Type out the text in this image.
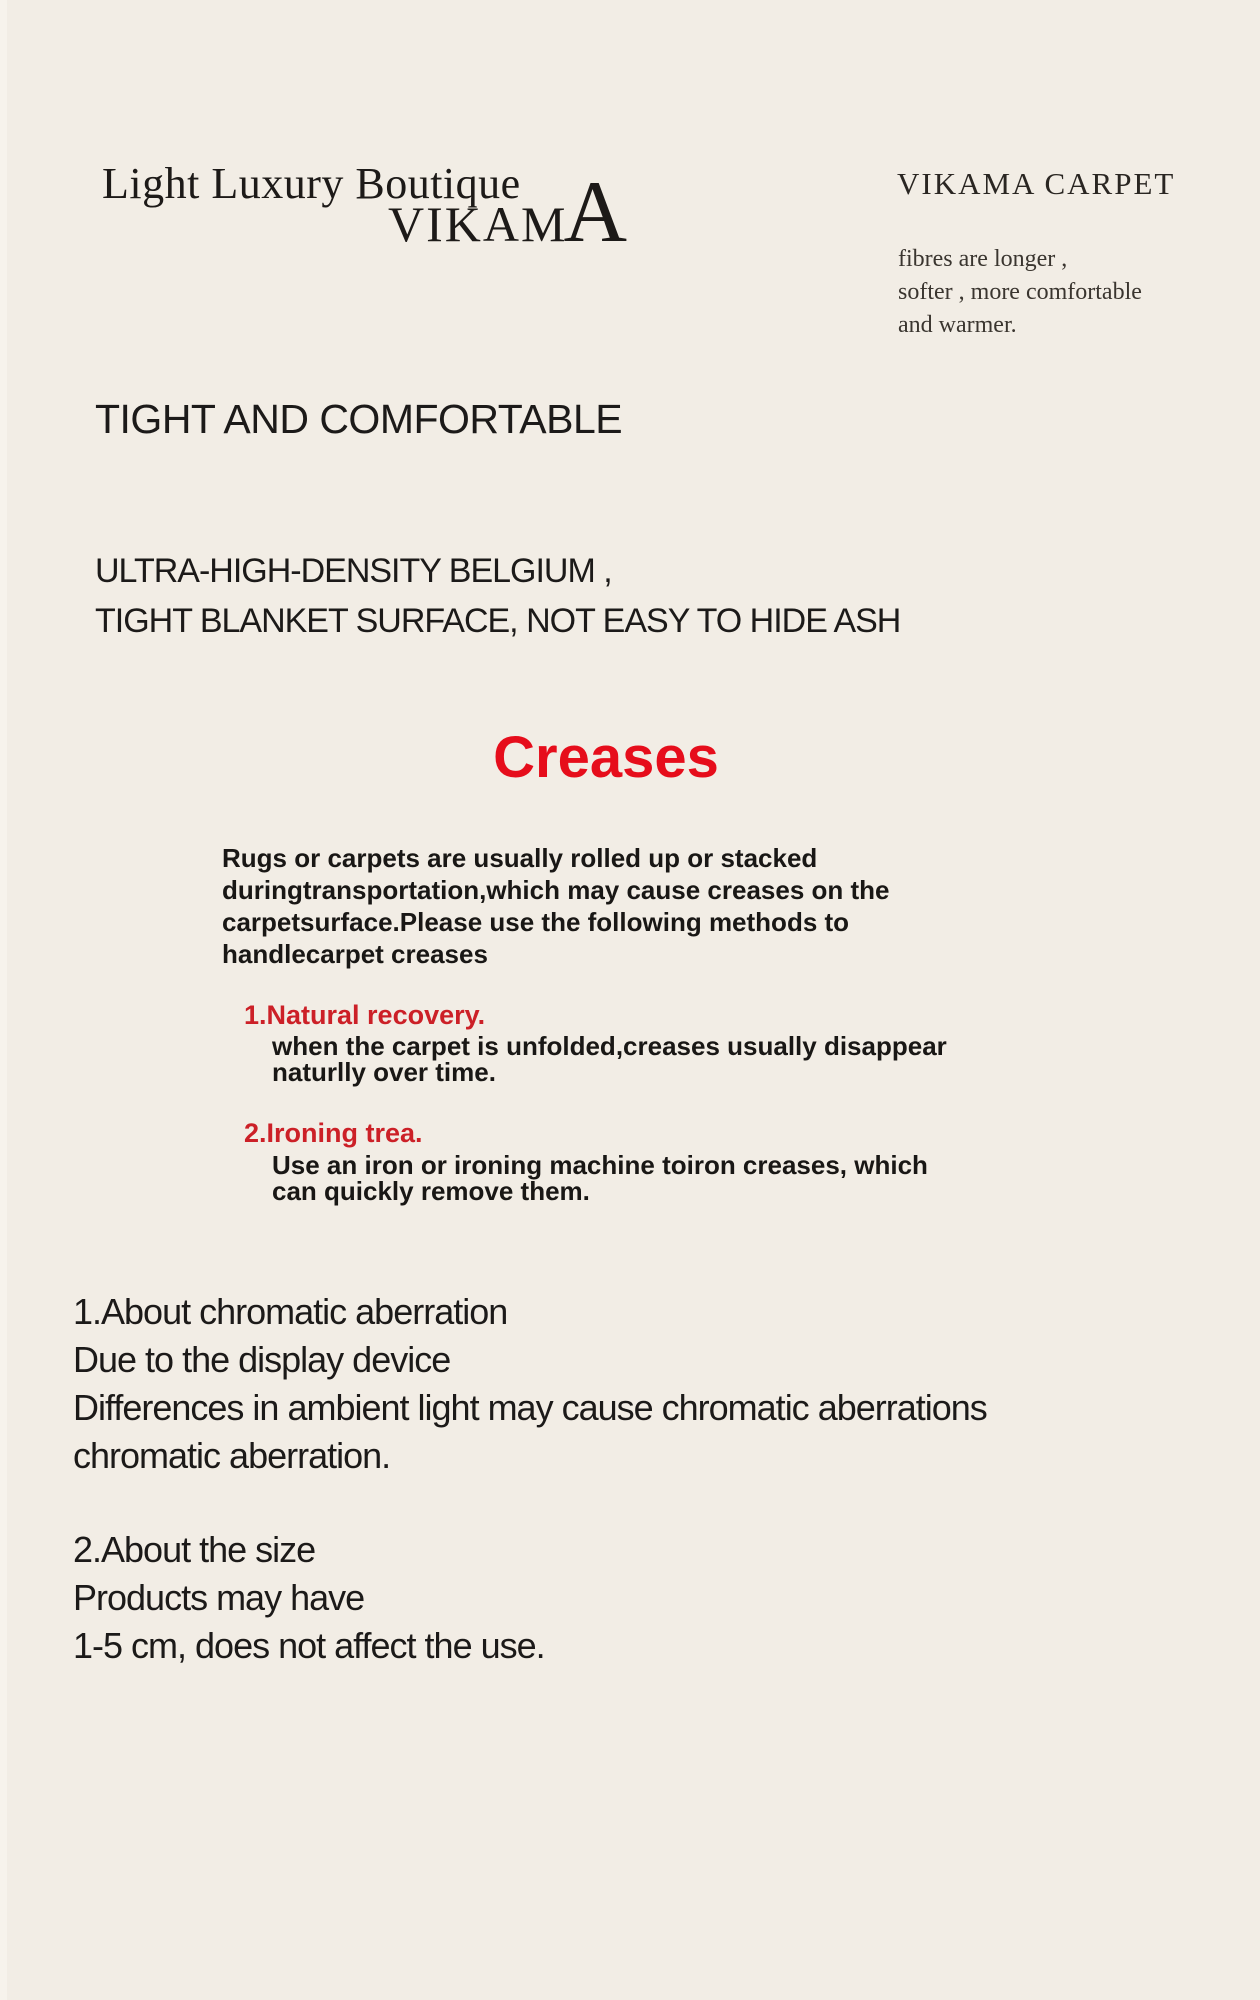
Light Luxury Boutique
VIKAM
A	VIKAMA CARPET
fibres are longer ,
softer , more comfortable
and warmer.
TIGHT AND COMFORTABLE
ULTRA-HIGH-DENSITY BELGIUM ,
TIGHT BLANKET SURFACE, NOT EASY TO HIDE ASH
Creases
Rugs or carpets are usually rolled up or stacked
duringtransportation,which may cause creases on the
carpetsurface.Please use the following methods to
handlecarpet creases
1.Natural recovery.
when the carpet is unfolded,creases usually disappear
naturlly over time.
2.Ironing trea.
Use an iron or ironing machine toiron creases, which
can quickly remove them.
1.About chromatic aberration
Due to the display device
Differences in ambient light may cause chromatic aberrations
chromatic aberration.
2.About the size
Products may have
1-5 cm, does not affect the use.
